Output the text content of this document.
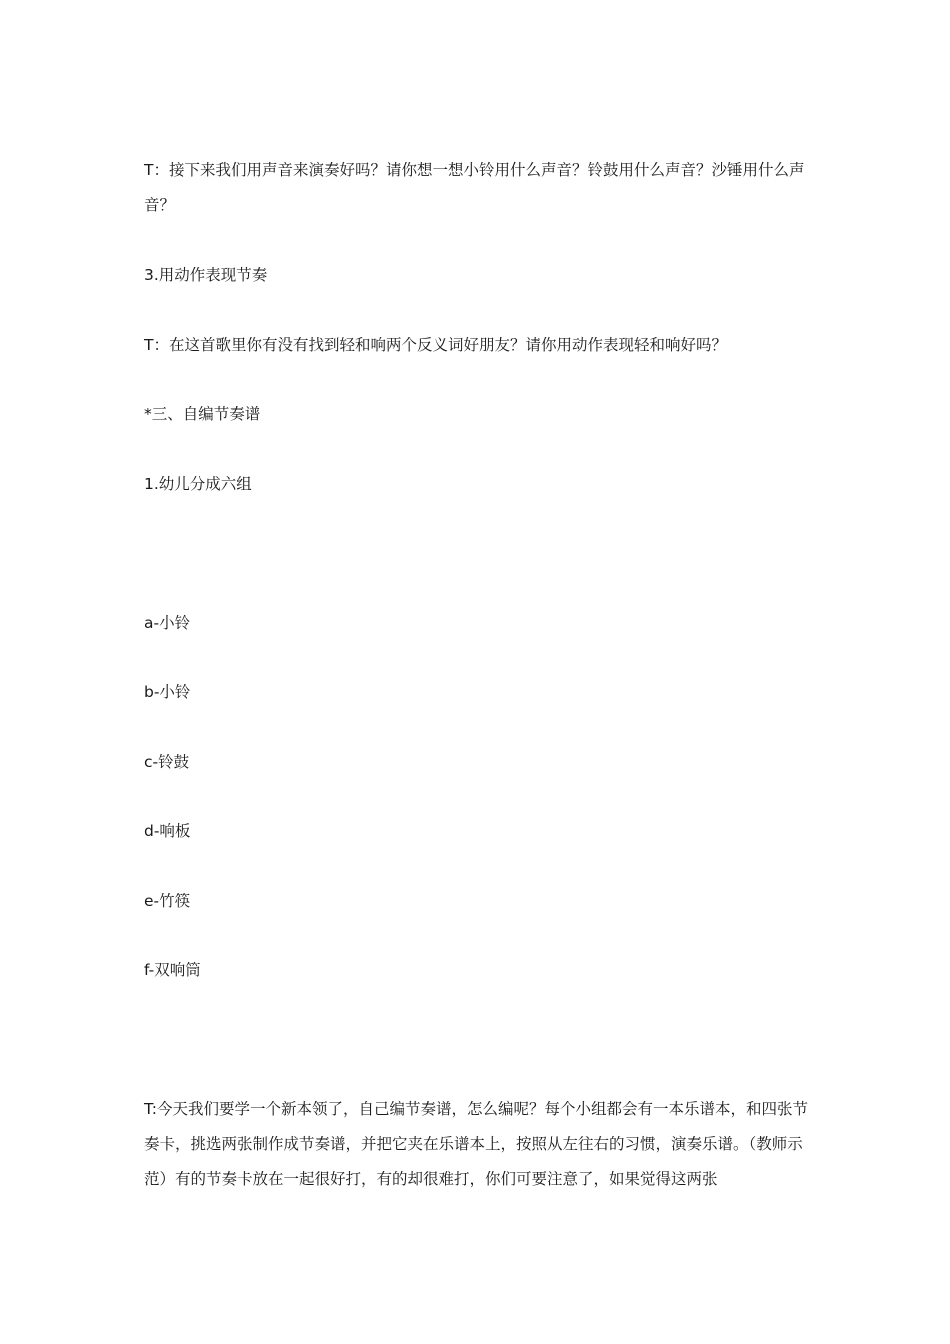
T：接下来我们用声音来演奏好吗？请你想一想小铃用什么声音？铃鼓用什么声音？沙锤用什么声音？
3.用动作表现节奏
T：在这首歌里你有没有找到轻和响两个反义词好朋友？请你用动作表现轻和响好吗？
*三、自编节奏谱
1.幼儿分成六组
a-小铃
b-小铃
c-铃鼓
d-响板
e-竹筷
f-双响筒
T:今天我们要学一个新本领了，自己编节奏谱，怎么编呢？每个小组都会有一本乐谱本，和四张节奏卡，挑选两张制作成节奏谱，并把它夹在乐谱本上，按照从左往右的习惯，演奏乐谱。（教师示范）有的节奏卡放在一起很好打，有的却很难打，你们可要注意了，如果觉得这两张
